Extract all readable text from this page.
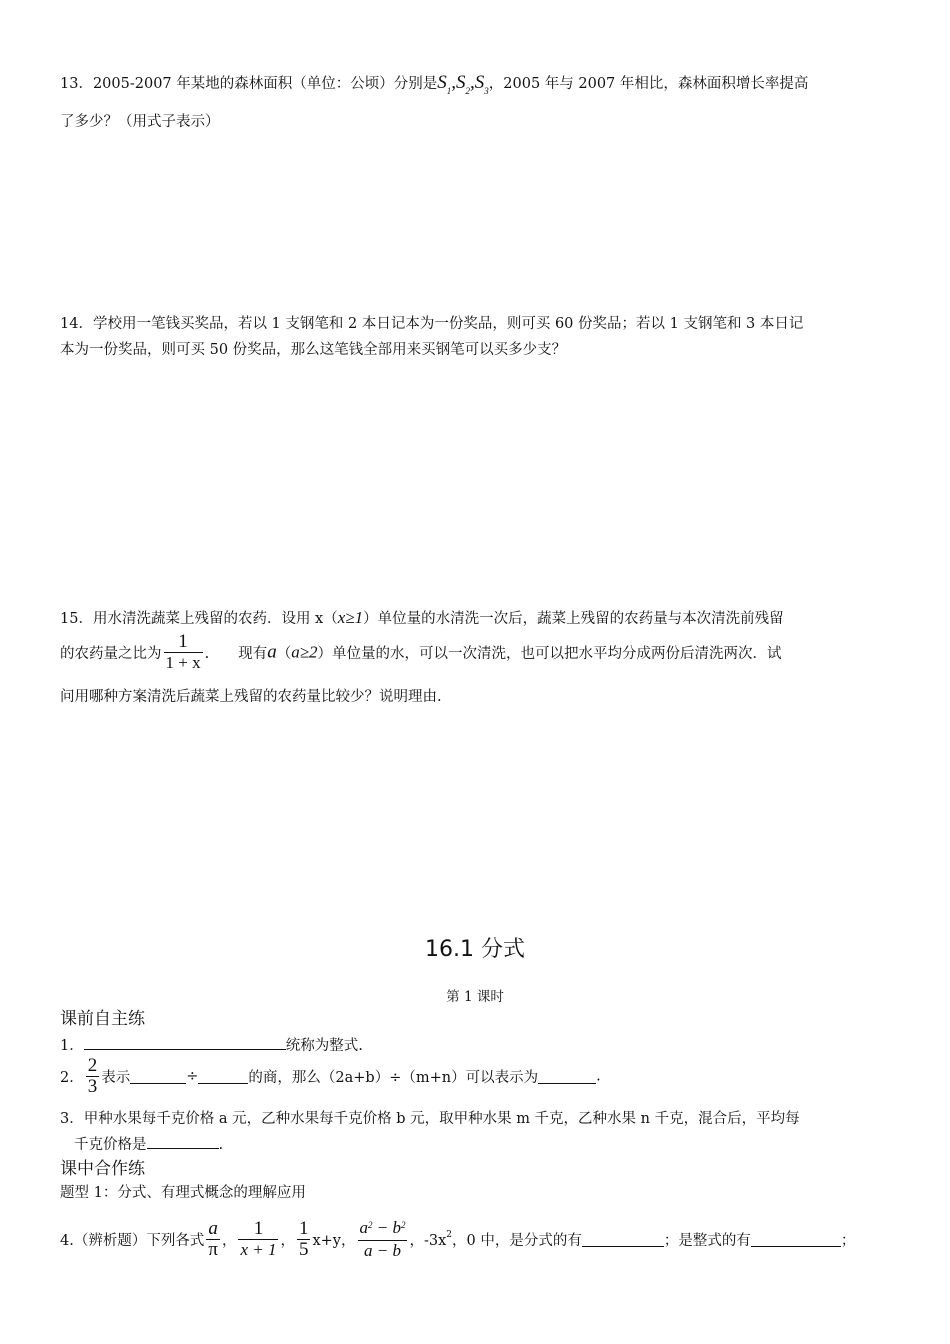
13．2005-2007 年某地的森林面积（单位：公顷）分别是$S_1,S_2,S_3$，2005 年与 2007 年相比，森林面积增长率提高
了多少？（用式子表示）
14．学校用一笔钱买奖品，若以 1 支钢笔和 2 本日记本为一份奖品，则可买 60 份奖品；若以 1 支钢笔和 3 本日记
本为一份奖品，则可买 50 份奖品，那么这笔钱全部用来买钢笔可以买多少支？
15．用水清洗蔬菜上残留的农药．设用 x（x≥1）单位量的水清洗一次后，蔬菜上残留的农药量与本次清洗前残留
的农药量之比为 $\frac{1}{1 + x}$ .　　现有a（a≥2）单位量的水，可以一次清洗，也可以把水平均分成两份后清洗两次．试
问用哪种方案清洗后蔬菜上残留的农药量比较少？说明理由.
16.1 分式
第 1 课时
课前自主练
1．	统称为整式.
2． $\frac{2}{3}$ 表示	÷	的商，那么（2a+b）÷（m+n）可以表示为	.
3．甲种水果每千克价格 a 元，乙种水果每千克价格 b 元，取甲种水果 m 千克，乙种水果 n 千克，混合后，平均每
千克价格是	.
课中合作练
题型 1：分式、有理式概念的理解应用
4.（辨析题）下列各式 $\frac{a}{\pi}$ ， $\frac{1}{x + 1}$ ， $\frac{1}{5} x+y$， $\frac{a^2 - b^2}{a - b}$ ，$-3x^2$，0 中，是分式的有	；是整式的有	；
